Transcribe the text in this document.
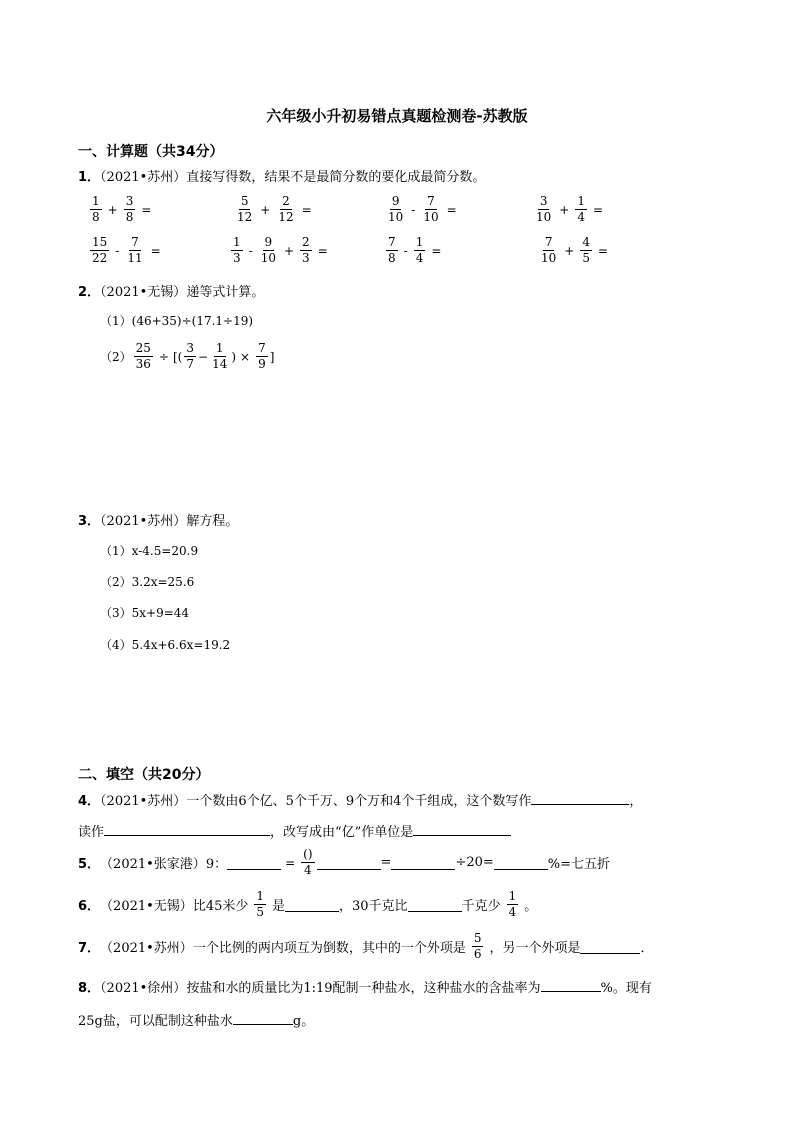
六年级小升初易错点真题检测卷-苏教版
一、计算题（共34分）
1．（2021•苏州）直接写得数，结果不是最简分数的要化成最简分数。
$\frac{1}{8} + \frac{3}{8}$ =	$\frac{5}{12} + \frac{2}{12}$ =	$\frac{9}{10} - \frac{7}{10}$ =	$\frac{3}{10} + \frac{1}{4}$ =
$\frac{15}{22} - \frac{7}{11}$ =	$\frac{1}{3} - \frac{9}{10} + \frac{2}{3}$ =	$\frac{7}{8} - \frac{1}{4}$ =	$\frac{7}{10} + \frac{4}{5}$ =
2．（2021•无锡）递等式计算。
（1）(46+35)÷(17.1÷19)
$(2) \frac{25}{36}$ ÷ [( $\frac{3}{7} - \frac{1}{14}$ ) × $\frac{7}{9}$ ]
3．（2021•苏州）解方程。
（1）x-4.5=20.9
（2）3.2x=25.6
（3）5x+9=44
（4）5.4x+6.6x=19.2
二、填空（共20分）
4．（2021•苏州）一个数由6个亿、5个千万、9个万和4个千组成，这个数写作	，
读作	，改写成由“亿”作单位是
5． （2021•张家港） 9：	= $\frac{()}{4}$	=	÷20=	%=七五折
6． （2021•无锡） 比45米少 $\frac{1}{5}$ 是	，30千克比	千克少 $\frac{1}{4}$ 。
7． （2021•苏州） 一个比例的两内项互为倒数，其中的一个外项是 $\frac{5}{6}$ ，另一个外项是	．
8．（2021•徐州）按盐和水的质量比为1:19配制一种盐水，这种盐水的含盐率为	%。现有
25g盐，可以配制这种盐水	g。
